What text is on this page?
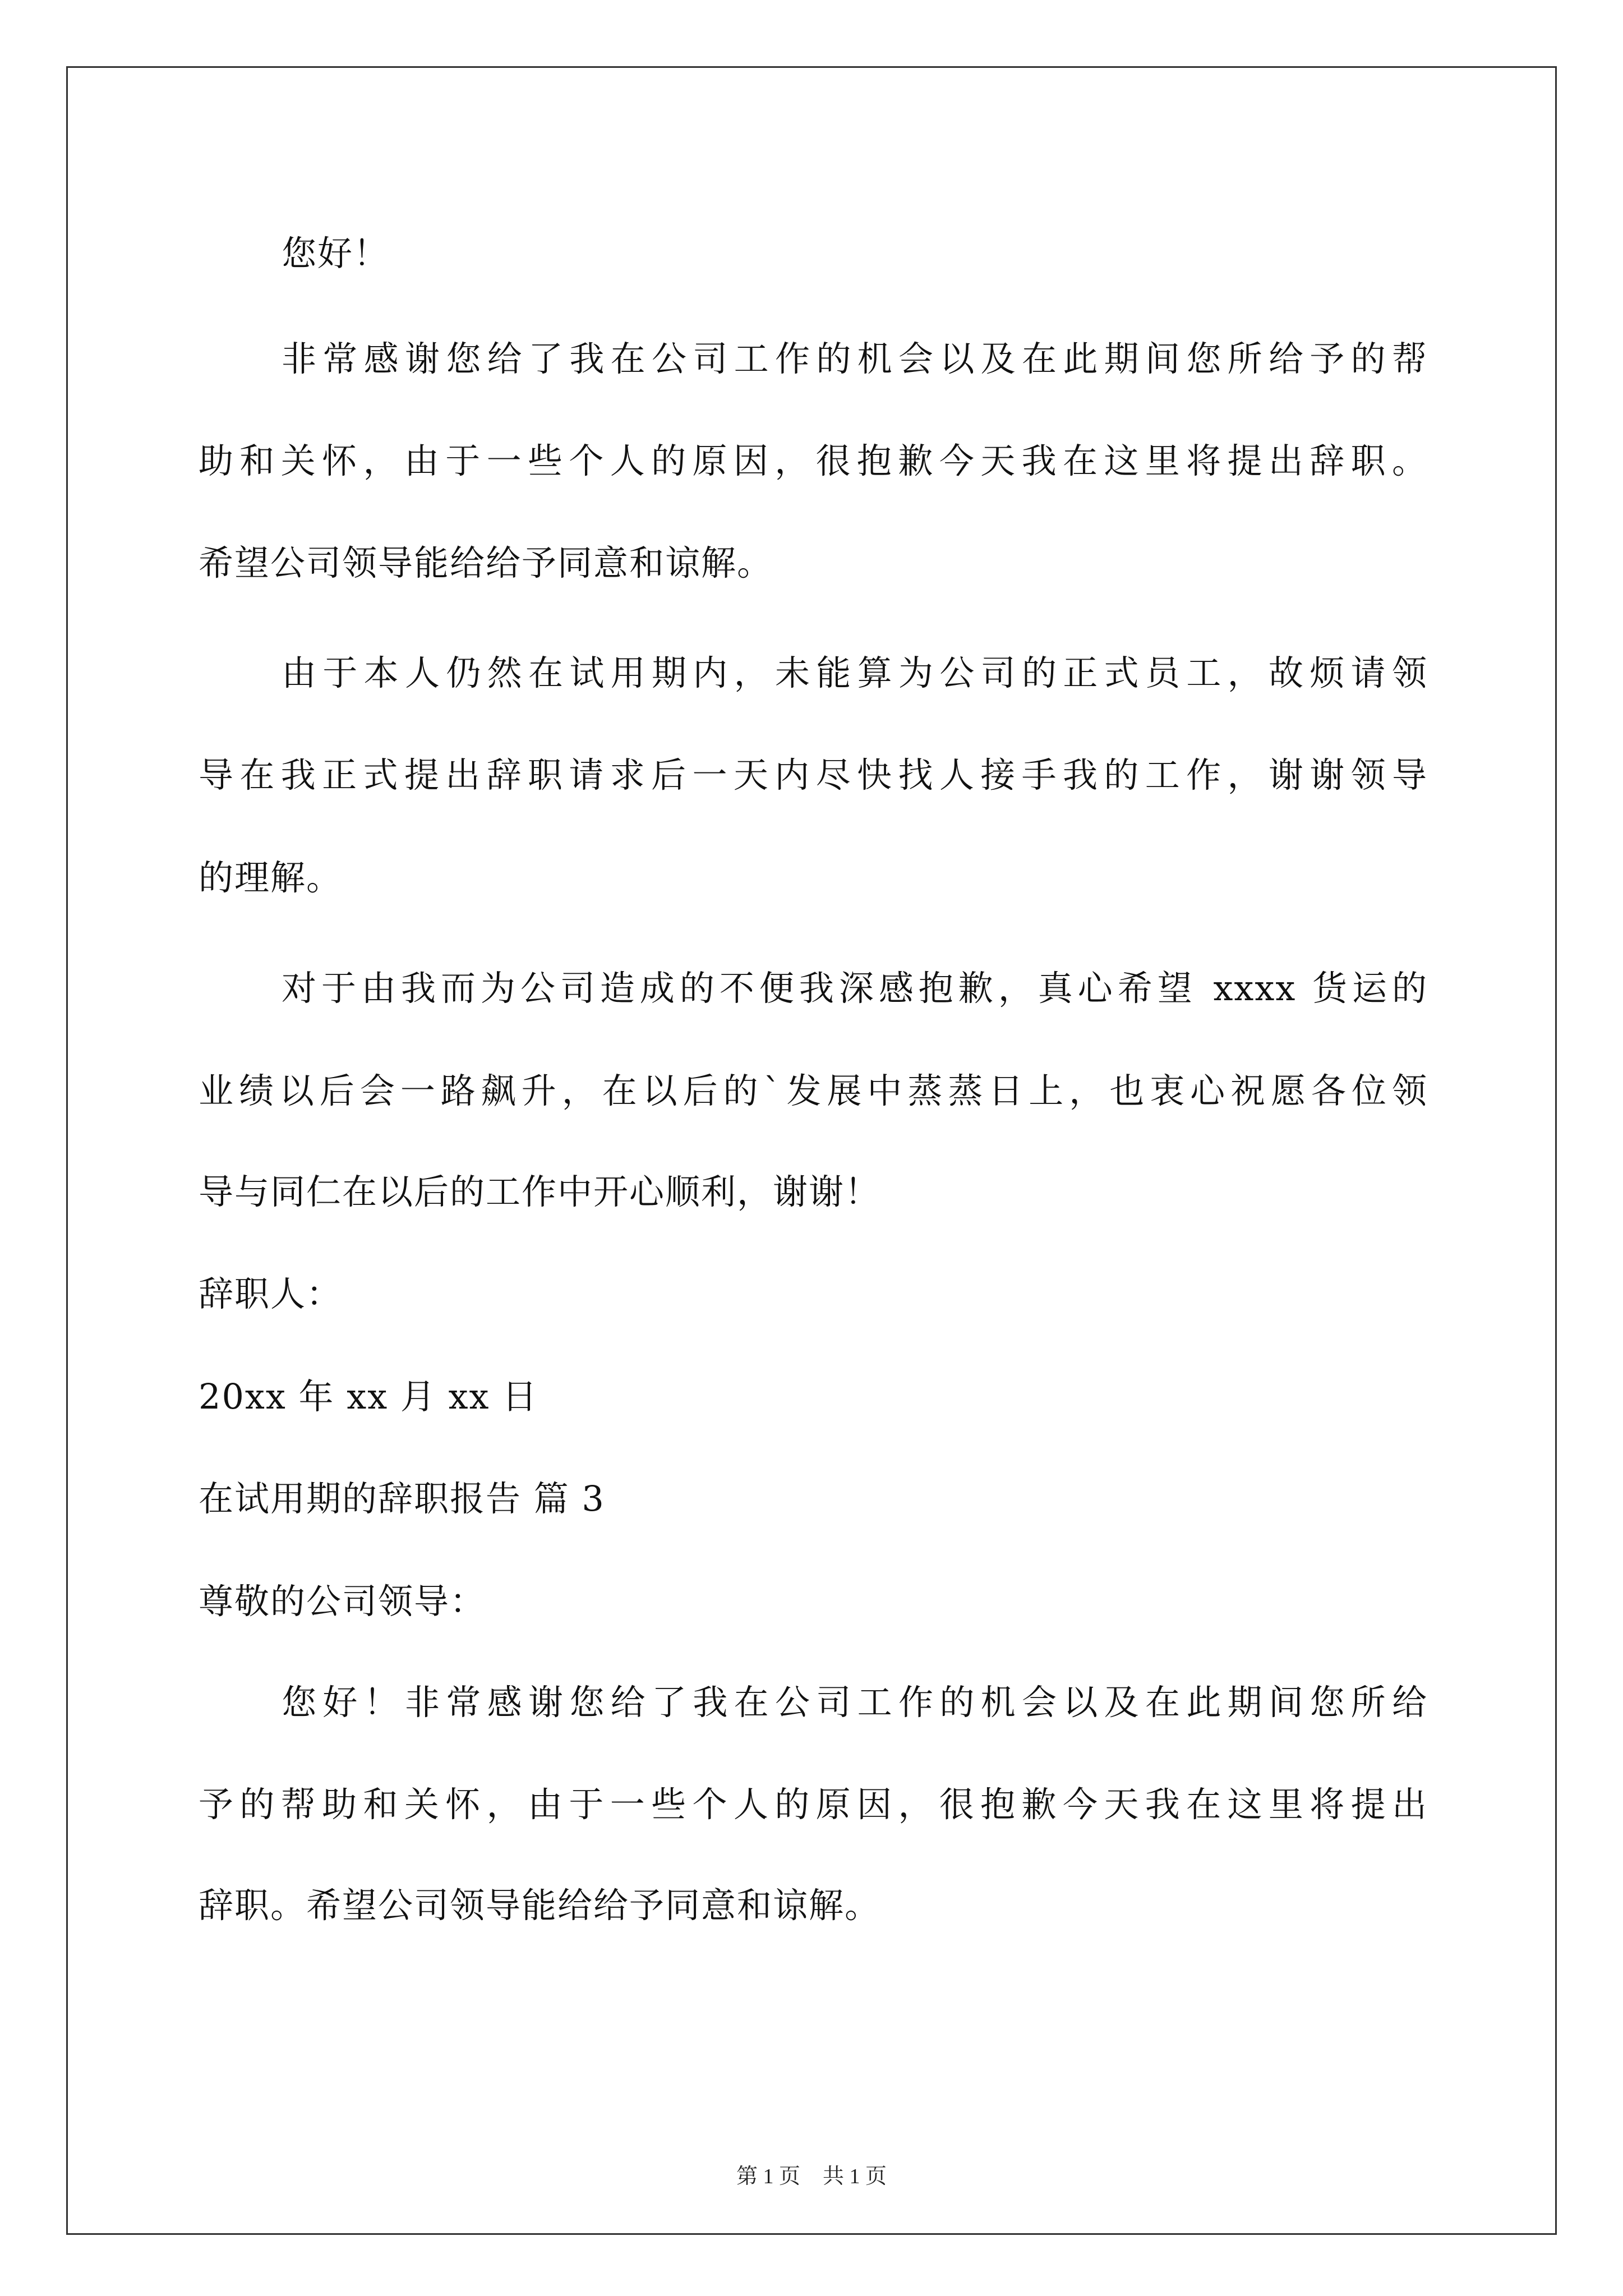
您好！
非常感谢您给了我在公司工作的机会以及在此期间您所给予的帮
助和关怀，由于一些个人的原因，很抱歉今天我在这里将提出辞职。
希望公司领导能给给予同意和谅解。
由于本人仍然在试用期内，未能算为公司的正式员工，故烦请领
导在我正式提出辞职请求后一天内尽快找人接手我的工作，谢谢领导
的理解。
对于由我而为公司造成的不便我深感抱歉，真心希望 xxxx 货运的
业绩以后会一路飙升，在以后的`发展中蒸蒸日上，也衷心祝愿各位领
导与同仁在以后的工作中开心顺利，谢谢！
辞职人：
20xx 年 xx 月 xx 日
在试用期的辞职报告 篇 3
尊敬的公司领导：
您好！非常感谢您给了我在公司工作的机会以及在此期间您所给
予的帮助和关怀，由于一些个人的原因，很抱歉今天我在这里将提出
辞职。希望公司领导能给给予同意和谅解。
第 1 页 共 1 页
